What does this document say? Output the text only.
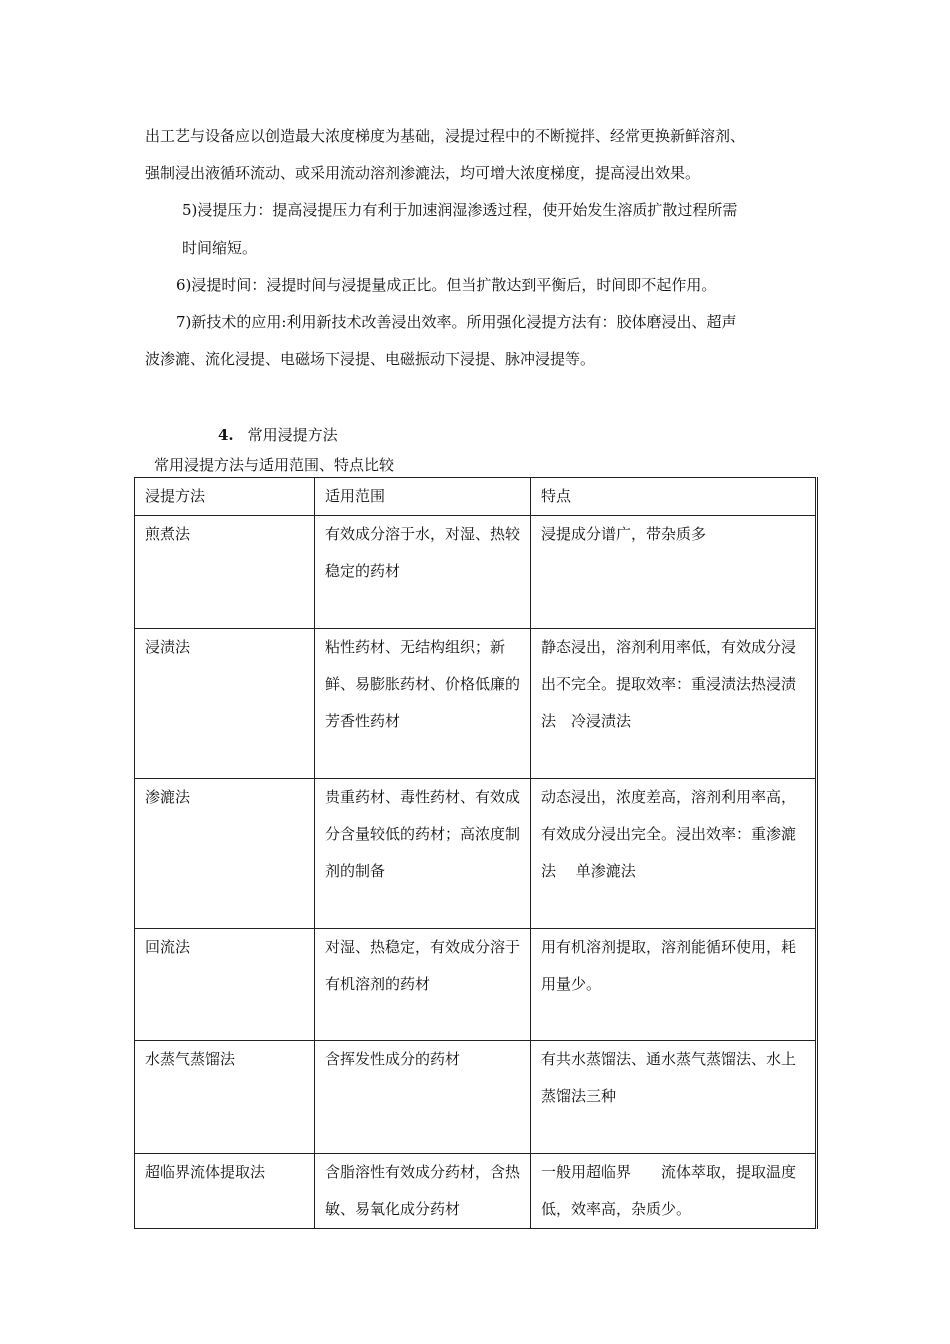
出工艺与设备应以创造最大浓度梯度为基础，浸提过程中的不断搅拌、经常更换新鲜溶剂、
强制浸出液循环流动、或采用流动溶剂渗漉法，均可增大浓度梯度，提高浸出效果。
5)浸提压力：提高浸提压力有利于加速润湿渗透过程，使开始发生溶质扩散过程所需
时间缩短。
6)浸提时间：浸提时间与浸提量成正比。但当扩散达到平衡后，时间即不起作用。
7)新技术的应用:利用新技术改善浸出效率。所用强化浸提方法有：胶体磨浸出、超声
波渗漉、流化浸提、电磁场下浸提、电磁振动下浸提、脉冲浸提等。
4. 常用浸提方法
常用浸提方法与适用范围、特点比较
浸提方法	适用范围	特点
煎煮法	有效成分溶于水，对湿、热较稳定的药材	浸提成分谱广，带杂质多
浸渍法	粘性药材、无结构组织；新鲜、易膨胀药材、价格低廉的芳香性药材	静态浸出，溶剂利用率低，有效成分浸出不完全。提取效率：重浸渍法热浸渍法　冷浸渍法
渗漉法	贵重药材、毒性药材、有效成分含量较低的药材；高浓度制剂的制备	动态浸出，浓度差高，溶剂利用率高，有效成分浸出完全。浸出效率：重渗漉法　 单渗漉法
回流法	对湿、热稳定，有效成分溶于有机溶剂的药材	用有机溶剂提取，溶剂能循环使用，耗用量少。
水蒸气蒸馏法	含挥发性成分的药材	有共水蒸馏法、通水蒸气蒸馏法、水上蒸馏法三种
超临界流体提取法	含脂溶性有效成分药材，含热敏、易氧化成分药材	一般用超临界　　流体萃取，提取温度低，效率高，杂质少。
